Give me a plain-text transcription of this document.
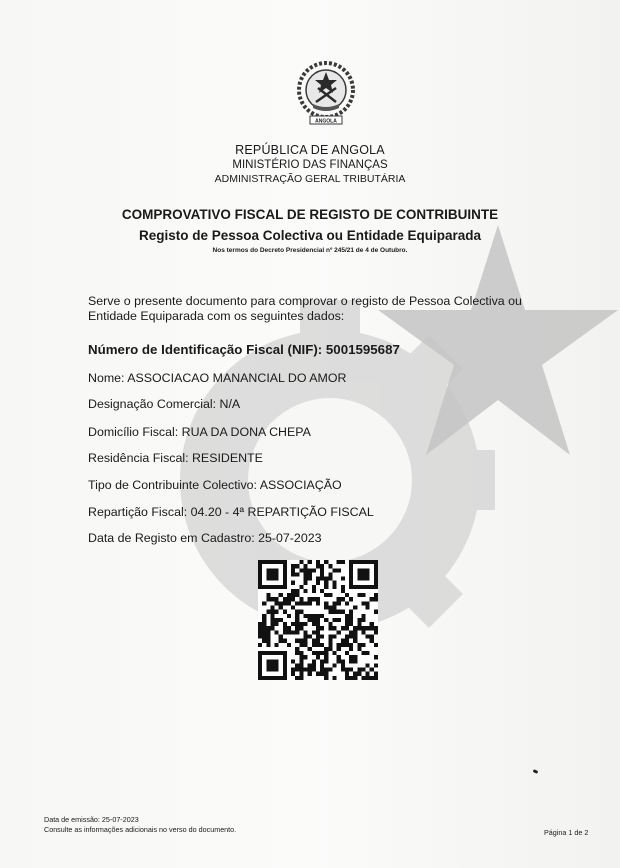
ANGOLA
REPÚBLICA DE ANGOLA
MINISTÉRIO DAS FINANÇAS
ADMINISTRAÇÃO GERAL TRIBUTÁRIA
COMPROVATIVO FISCAL DE REGISTO DE CONTRIBUINTE
Registo de Pessoa Colectiva ou Entidade Equiparada
Nos termos do Decreto Presidencial nº 245/21 de 4 de Outubro.
Serve o presente documento para comprovar o registo de Pessoa Colectiva ou Entidade Equiparada com os seguintes dados:
Número de Identificação Fiscal (NIF): 5001595687
Nome: ASSOCIACAO MANANCIAL DO AMOR
Designação Comercial: N/A
Domicílio Fiscal: RUA DA DONA CHEPA
Residência Fiscal: RESIDENTE
Tipo de Contribuinte Colectivo: ASSOCIAÇÃO
Repartição Fiscal: 04.20 - 4ª REPARTIÇÃO FISCAL
Data de Registo em Cadastro: 25-07-2023
Data de emissão: 25-07-2023
Consulte as informações adicionais no verso do documento.	Página 1 de 2
